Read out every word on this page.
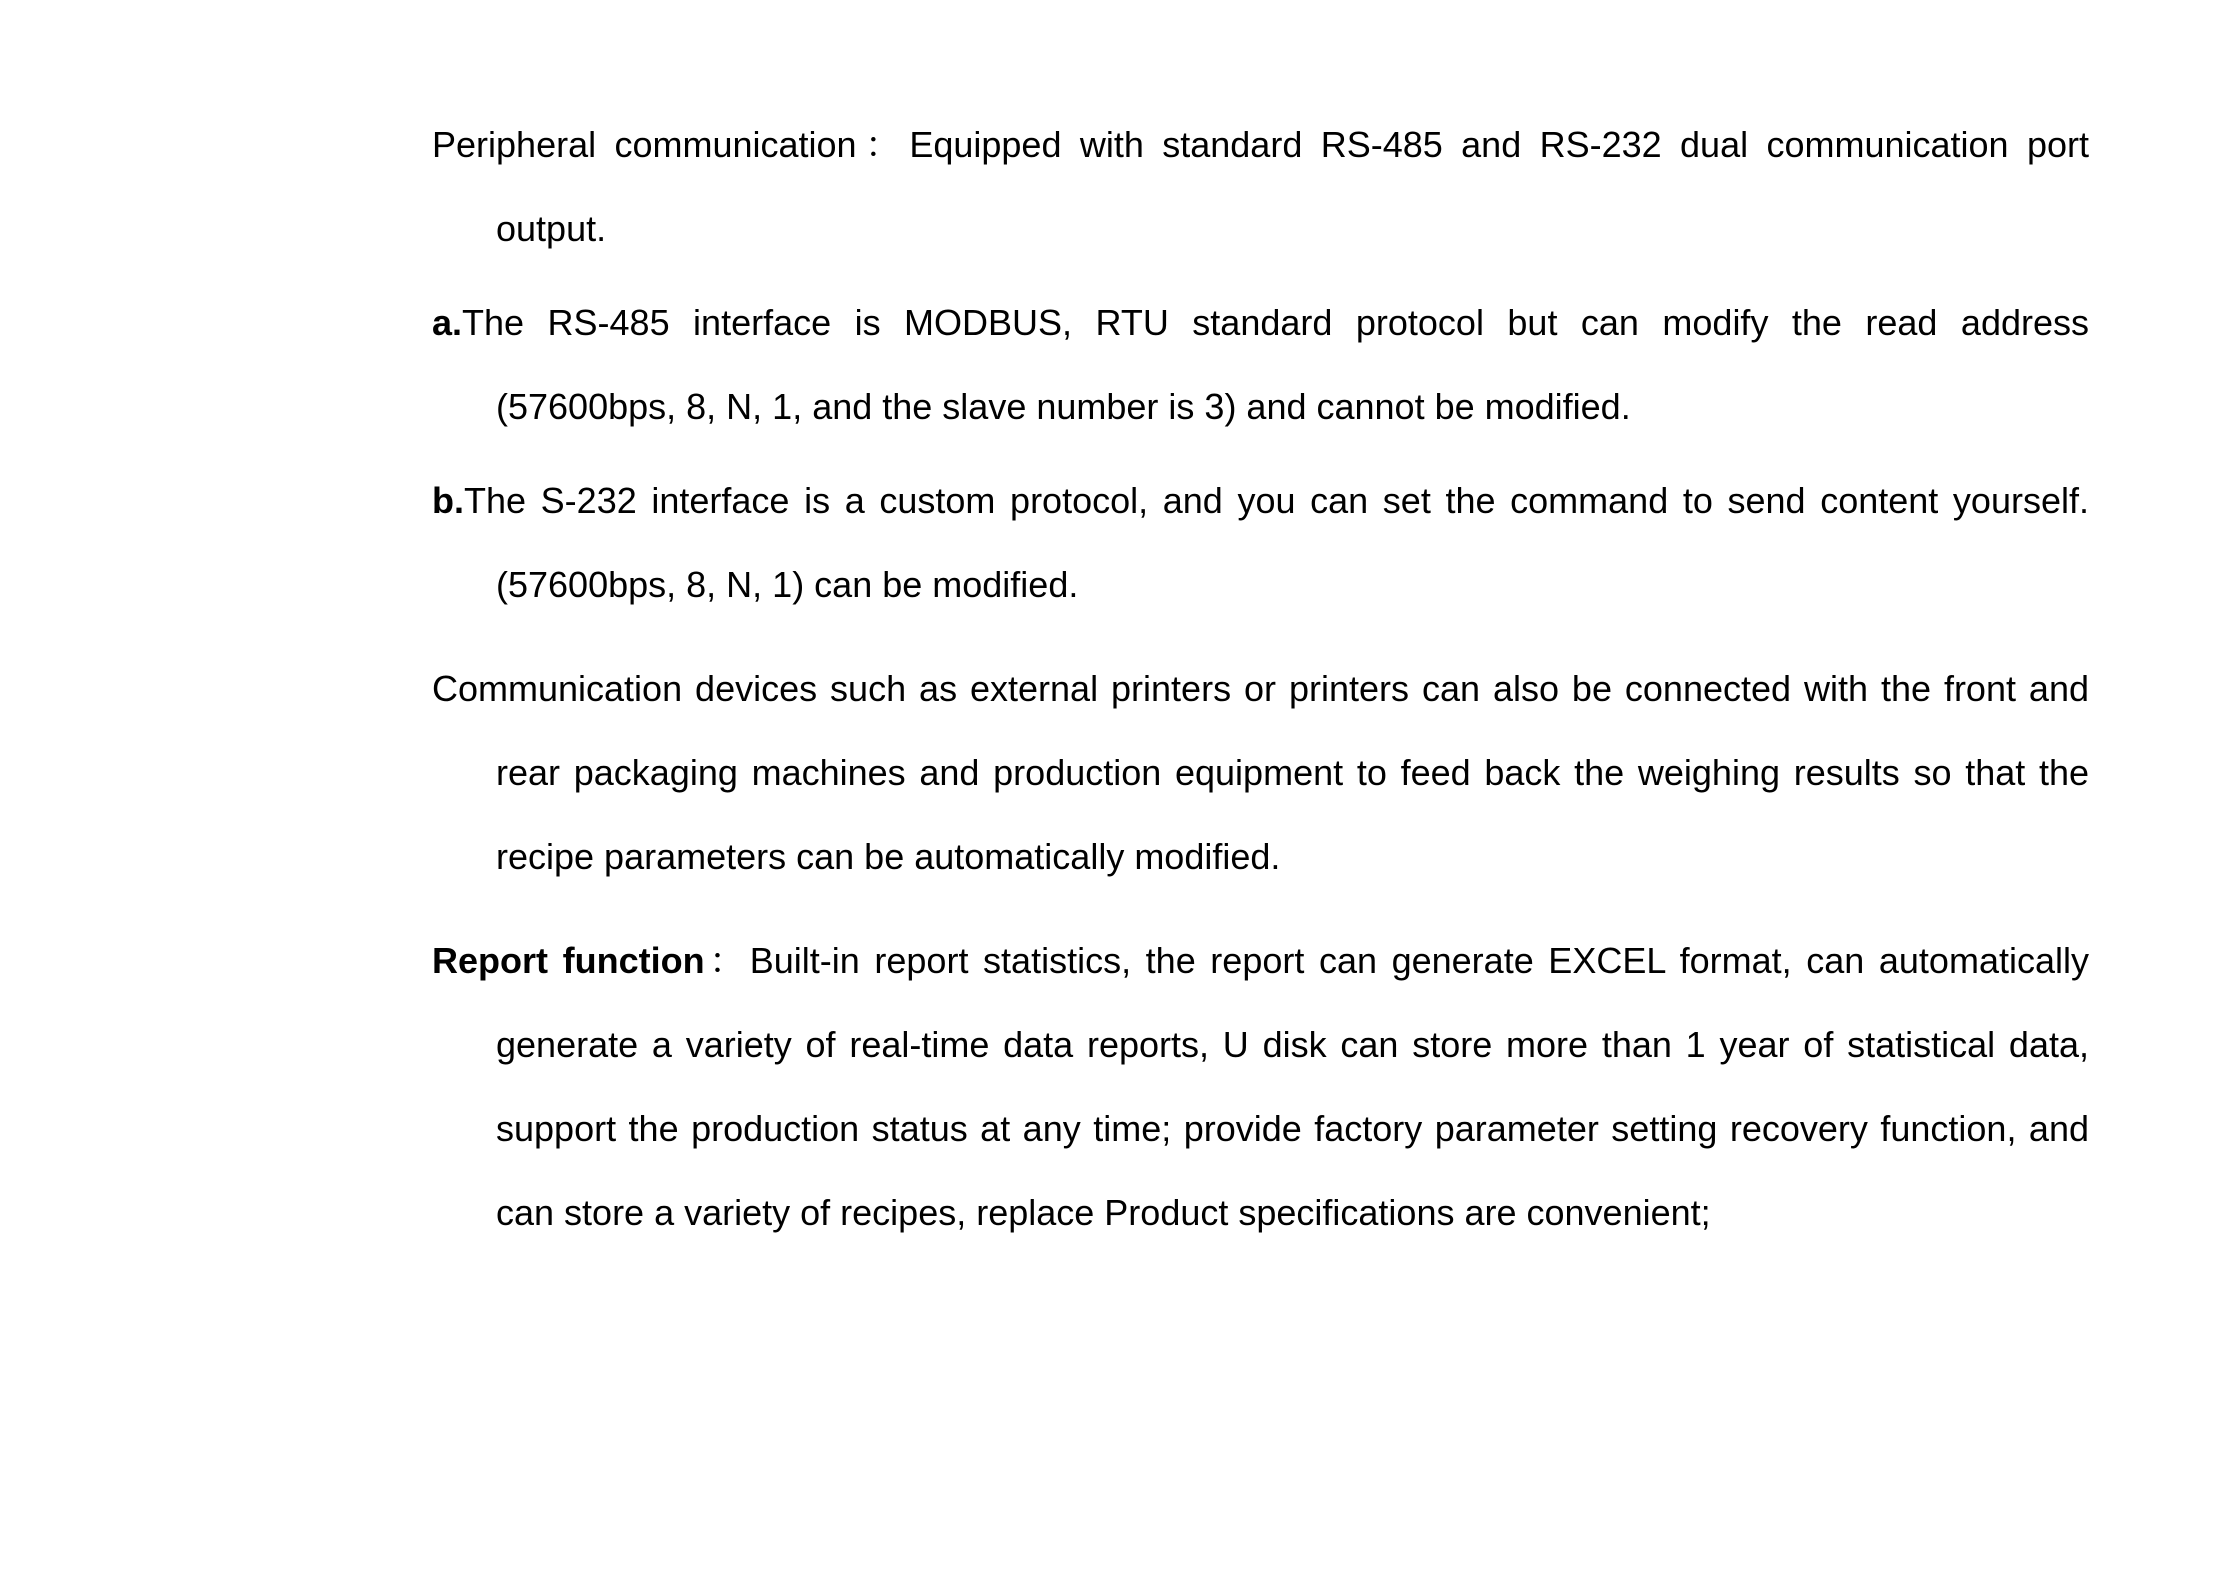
Peripheral communication：Equipped with standard RS-485 and RS-232 dual communication port output.

a.The RS-485 interface is MODBUS, RTU standard protocol but can modify the read address (57600bps, 8, N, 1, and the slave number is 3) and cannot be modified.

b.The S-232 interface is a custom protocol, and you can set the command to send content yourself. (57600bps, 8, N, 1) can be modified.

Communication devices such as external printers or printers can also be connected with the front and rear packaging machines and production equipment to feed back the weighing results so that the recipe parameters can be automatically modified.

Report function：Built-in report statistics, the report can generate EXCEL format, can automatically generate a variety of real-time data reports, U disk can store more than 1 year of statistical data, support the production status at any time; provide factory parameter setting recovery function, and can store a variety of recipes, replace Product specifications are convenient;
